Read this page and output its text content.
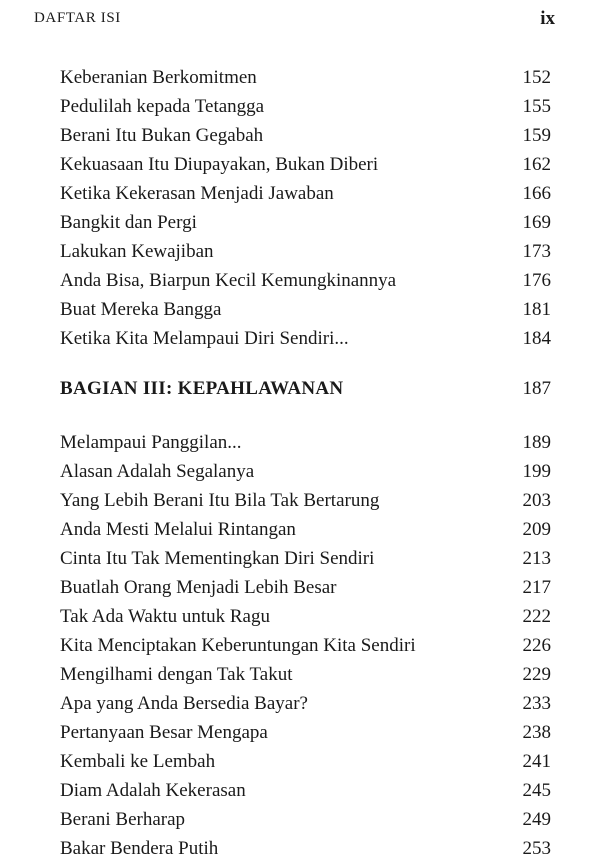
DAFTAR ISI	ix
Keberanian Berkomitmen	152
Pedulilah kepada Tetangga	155
Berani Itu Bukan Gegabah	159
Kekuasaan Itu Diupayakan, Bukan Diberi	162
Ketika Kekerasan Menjadi Jawaban	166
Bangkit dan Pergi	169
Lakukan Kewajiban	173
Anda Bisa, Biarpun Kecil Kemungkinannya	176
Buat Mereka Bangga	181
Ketika Kita Melampaui Diri Sendiri...	184
BAGIAN III: KEPAHLAWANAN	187
Melampaui Panggilan...	189
Alasan Adalah Segalanya	199
Yang Lebih Berani Itu Bila Tak Bertarung	203
Anda Mesti Melalui Rintangan	209
Cinta Itu Tak Mementingkan Diri Sendiri	213
Buatlah Orang Menjadi Lebih Besar	217
Tak Ada Waktu untuk Ragu	222
Kita Menciptakan Keberuntungan Kita Sendiri	226
Mengilhami dengan Tak Takut	229
Apa yang Anda Bersedia Bayar?	233
Pertanyaan Besar Mengapa	238
Kembali ke Lembah	241
Diam Adalah Kekerasan	245
Berani Berharap	249
Bakar Bendera Putih	253
